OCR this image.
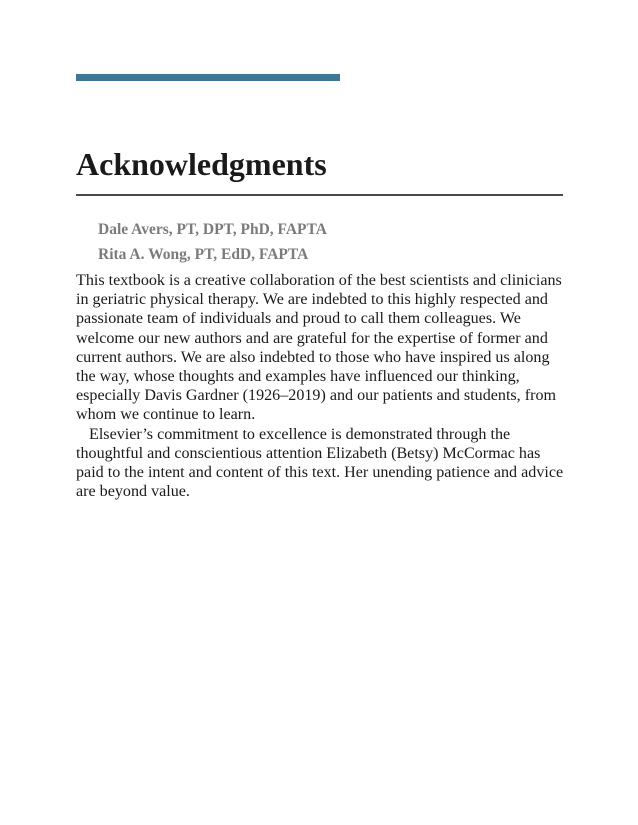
Acknowledgments
Dale Avers, PT, DPT, PhD, FAPTA
Rita A. Wong, PT, EdD, FAPTA

This textbook is a creative collaboration of the best scientists and clinicians in geriatric physical therapy. We are indebted to this highly respected and passionate team of individuals and proud to call them colleagues. We welcome our new authors and are grateful for the expertise of former and current authors. We are also indebted to those who have inspired us along the way, whose thoughts and examples have influenced our thinking, especially Davis Gardner (1926–2019) and our patients and students, from whom we continue to learn.

Elsevier’s commitment to excellence is demonstrated through the thoughtful and conscientious attention Elizabeth (Betsy) McCormac has paid to the intent and content of this text. Her unending patience and advice are beyond value.
